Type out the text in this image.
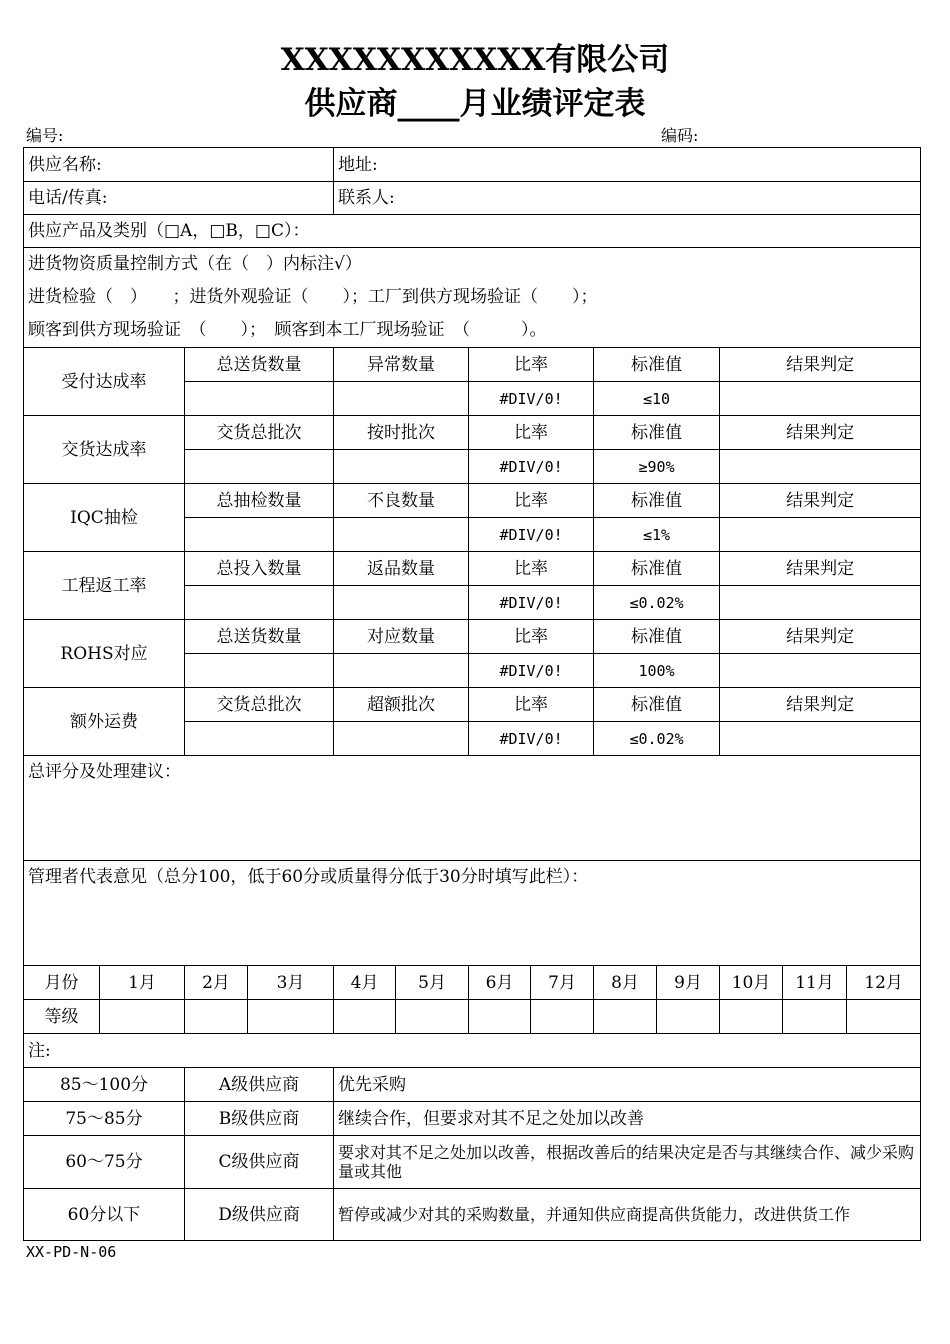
XXXXXXXXXXX有限公司
供应商____月业绩评定表
编号:	编码:
供应名称:				地址:								
电话/传真:				联系人:								
供应产品及类别（□A，□B，□C）：												

进货物资质量控制方式（在（　）内标注√）
进货检验（　）　　；进货外观验证（　　）；工厂到供方现场验证（　　）；
顾客到供方现场验证　（　　）；　顾客到本工厂现场验证　（　　　）。												

受付达成率		总送货数量		异常数量		比率		标准值		结果判定		
						#DIV/0!		≤10				
交货达成率		交货总批次		按时批次		比率		标准值		结果判定		
						#DIV/0!		≥90%				
IQC抽检		总抽检数量		不良数量		比率		标准值		结果判定		
						#DIV/0!		≤1%				
工程返工率		总投入数量		返品数量		比率		标准值		结果判定		
						#DIV/0!		≤0.02%				
ROHS对应		总送货数量		对应数量		比率		标准值		结果判定		
						#DIV/0!		100%				
额外运费		交货总批次		超额批次		比率		标准值		结果判定		
						#DIV/0!		≤0.02%				
总评分及处理建议：												
管理者代表意见（总分100，低于60分或质量得分低于30分时填写此栏）：												
月份	1月	2月	3月	4月	5月	6月	7月	8月	9月	10月	11月	12月
等级												
注:												
85～100分		A级供应商		优先采购								
75～85分		B级供应商		继续合作，但要求对其不足之处加以改善								
60～75分		C级供应商		要求对其不足之处加以改善，根据改善后的结果决定是否与其继续合作、减少采购量或其他								
60分以下		D级供应商		暂停或减少对其的采购数量，并通知供应商提高供货能力，改进供货工作								
XX-PD-N-06
